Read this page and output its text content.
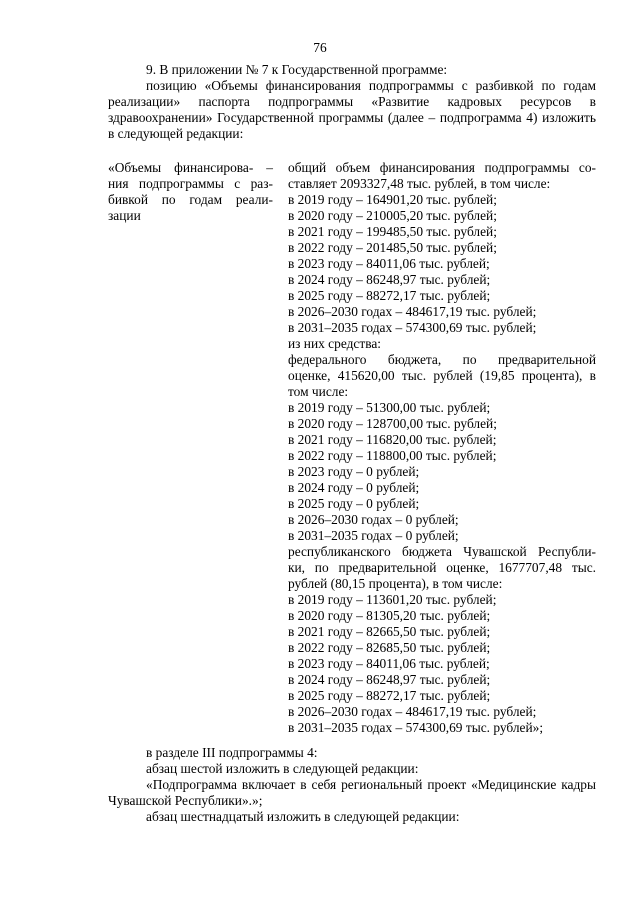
76

9. В приложении № 7 к Государственной программе:

позицию «Объемы финансирования подпрограммы с разбивкой по годам реализации» паспорта подпрограммы «Развитие кадровых ресурсов в здравоохранении» Государственной программы (далее – подпрограмма 4) изложить в следующей редакции:

«Объемы финансирова- –
ния подпрограммы с раз-
бивкой по годам реали-
зации
общий объем финансирования подпрограммы со-
ставляет 2093327,48 тыс. рублей, в том числе:
в 2019 году – 164901,20 тыс. рублей;
в 2020 году – 210005,20 тыс. рублей;
в 2021 году – 199485,50 тыс. рублей;
в 2022 году – 201485,50 тыс. рублей;
в 2023 году – 84011,06 тыс. рублей;
в 2024 году – 86248,97 тыс. рублей;
в 2025 году – 88272,17 тыс. рублей;
в 2026–2030 годах – 484617,19 тыс. рублей;
в 2031–2035 годах – 574300,69 тыс. рублей;
из них средства:
федерального бюджета, по предварительной
оценке, 415620,00 тыс. рублей (19,85 процента), в
том числе:
в 2019 году – 51300,00 тыс. рублей;
в 2020 году – 128700,00 тыс. рублей;
в 2021 году – 116820,00 тыс. рублей;
в 2022 году – 118800,00 тыс. рублей;
в 2023 году – 0 рублей;
в 2024 году – 0 рублей;
в 2025 году – 0 рублей;
в 2026–2030 годах – 0 рублей;
в 2031–2035 годах – 0 рублей;
республиканского бюджета Чувашской Республи-
ки, по предварительной оценке, 1677707,48 тыс.
рублей (80,15 процента), в том числе:
в 2019 году – 113601,20 тыс. рублей;
в 2020 году – 81305,20 тыс. рублей;
в 2021 году – 82665,50 тыс. рублей;
в 2022 году – 82685,50 тыс. рублей;
в 2023 году – 84011,06 тыс. рублей;
в 2024 году – 86248,97 тыс. рублей;
в 2025 году – 88272,17 тыс. рублей;
в 2026–2030 годах – 484617,19 тыс. рублей;
в 2031–2035 годах – 574300,69 тыс. рублей»;

в разделе III подпрограммы 4:

абзац шестой изложить в следующей редакции:

«Подпрограмма включает в себя региональный проект «Медицинские кадры Чувашской Республики».»;

абзац шестнадцатый изложить в следующей редакции:
